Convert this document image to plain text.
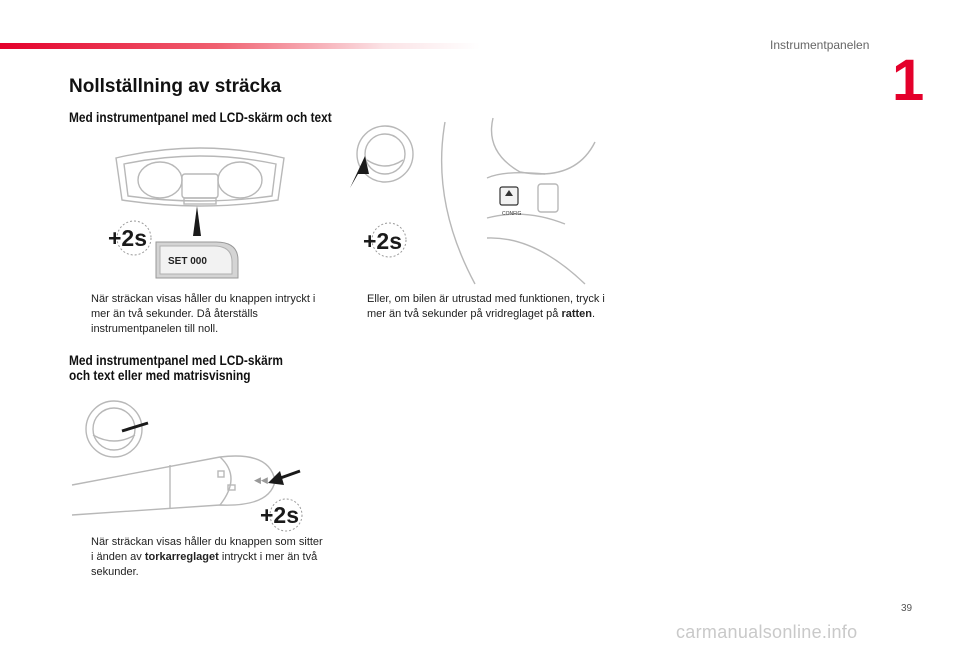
Instrumentpanelen
1
Nollställning av sträcka
Med instrumentpanel med LCD-skärm och text
+2s
SET 000
När sträckan visas håller du knappen intryckt i mer än två sekunder. Då återställs instrumentpanelen till noll.
Med instrumentpanel med LCD-skärm
och text eller med matrisvisning
◀◀
+2s
När sträckan visas håller du knappen som sitter i änden av torkarreglaget intryckt i mer än två sekunder.
CONFIG
+2s
Eller, om bilen är utrustad med funktionen, tryck i mer än två sekunder på vridreglaget på ratten.
39
carmanualsonline.info
